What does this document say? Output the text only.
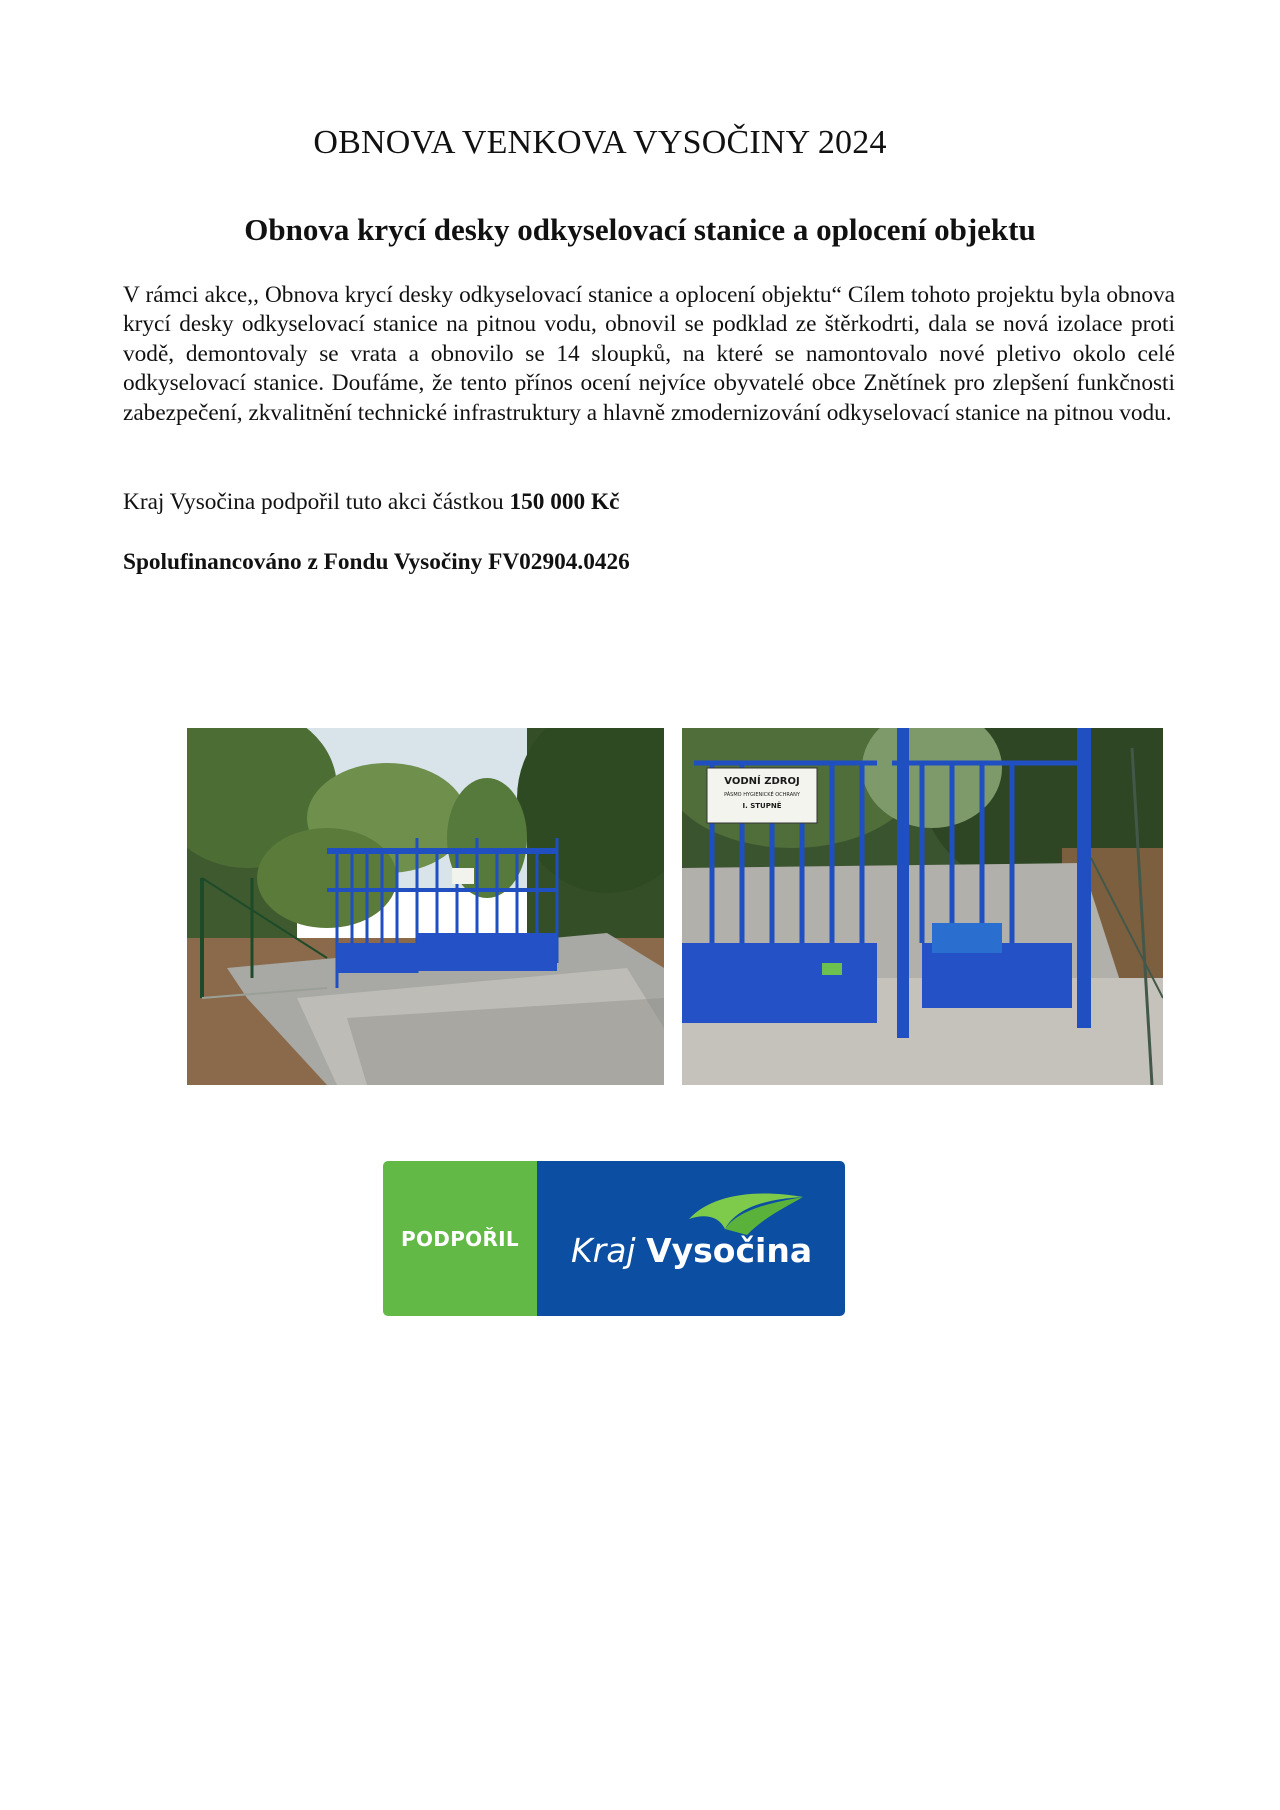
OBNOVA VENKOVA VYSOČINY 2024
Obnova krycí desky odkyselovací stanice a oplocení objektu

V rámci akce,, Obnova krycí desky odkyselovací stanice a oplocení objektu“ Cílem tohoto projektu byla obnova krycí desky odkyselovací stanice na pitnou vodu, obnovil se podklad ze štěrkodrti, dala se nová izolace proti vodě, demontovaly se vrata a obnovilo se 14 sloupků, na které se namontovalo nové pletivo okolo celé odkyselovací stanice. Doufáme, že tento přínos ocení nejvíce obyvatelé obce Znětínek pro zlepšení funkčnosti zabezpečení, zkvalitnění technické infrastruktury a hlavně zmodernizování odkyselovací stanice na pitnou vodu.

Kraj Vysočina podpořil tuto akci částkou 150 000 Kč

Spolufinancováno z Fondu Vysočiny FV02904.0426

VODNÍ ZDROJ
PÁSMO HYGIENICKÉ OCHRANY
I. STUPNĚ
PODPOŘIL Kraj Vysočina
